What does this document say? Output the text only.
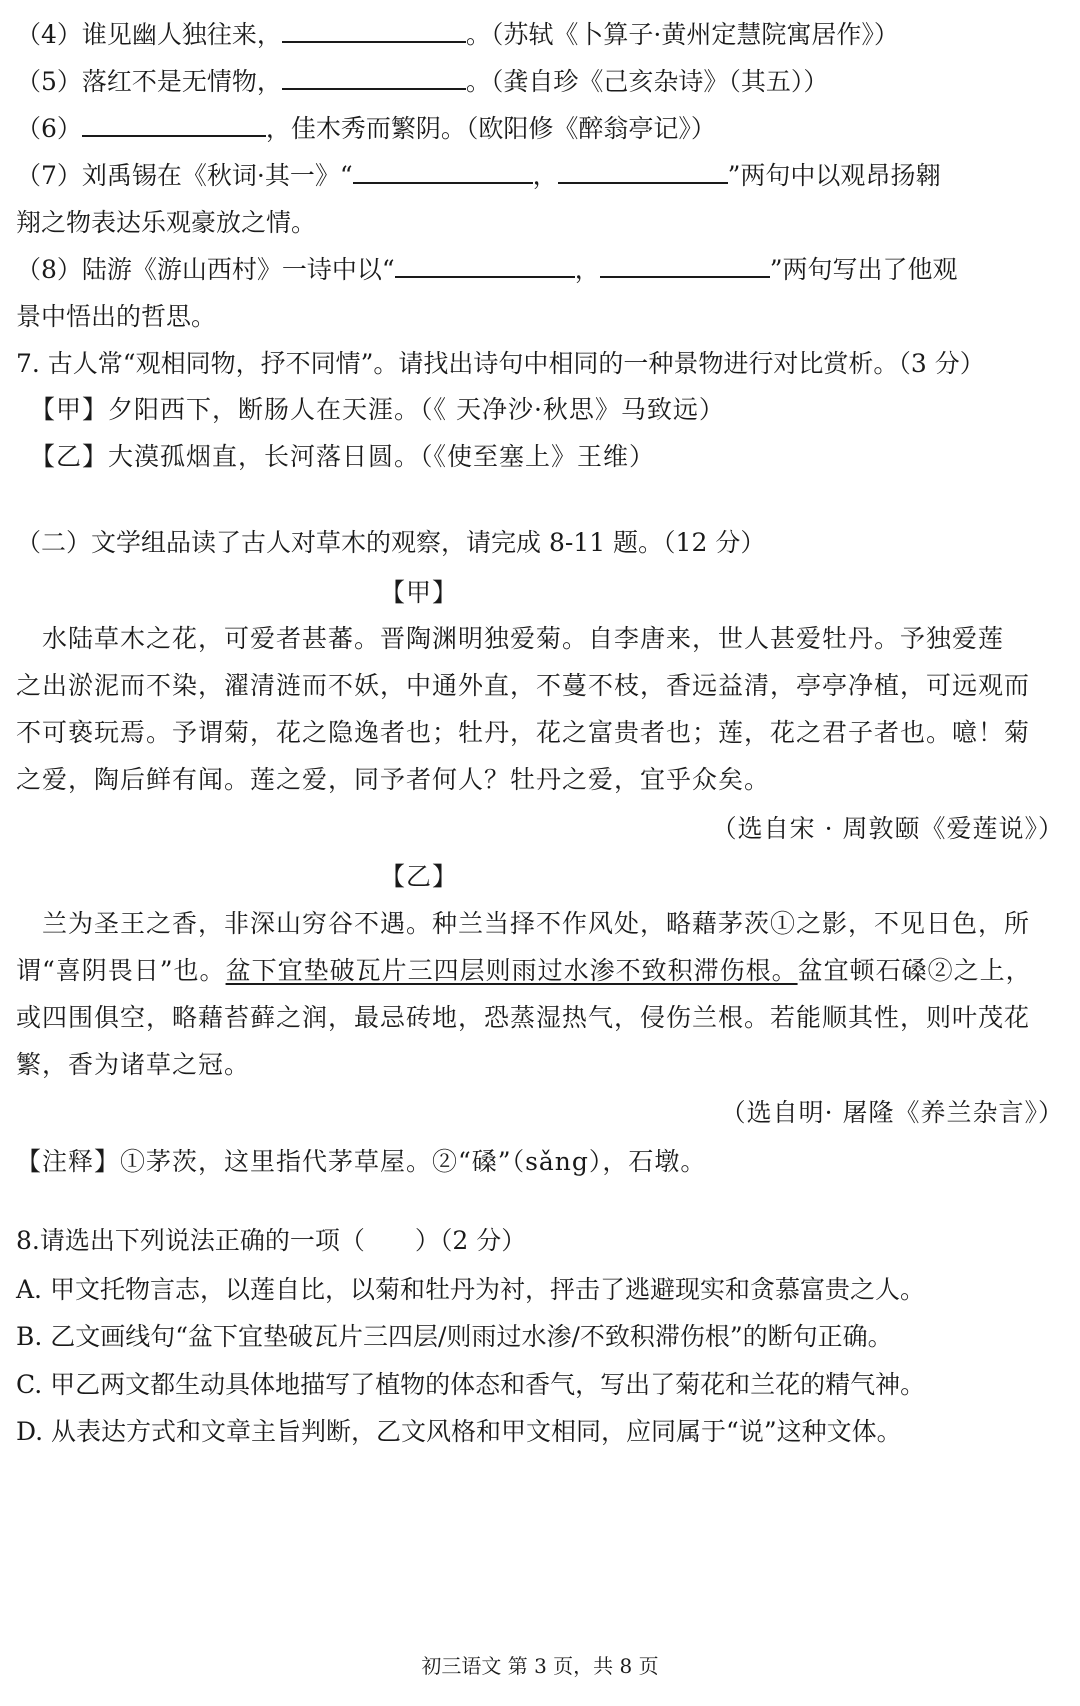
（4）谁见幽人独往来，	。（苏轼《卜算子·黄州定慧院寓居作》）
（5）落红不是无情物，	。（龚自珍《己亥杂诗》（其五））
（6）	，佳木秀而繁阴。（欧阳修《醉翁亭记》）
（7）刘禹锡在《秋词·其一》“	，	”两句中以观昂扬翱
翔之物表达乐观豪放之情。
（8）陆游《游山西村》一诗中以“	，	”两句写出了他观
景中悟出的哲思。
7. 古人常“观相同物，抒不同情”。请找出诗句中相同的一种景物进行对比赏析。（3 分）
【甲】夕阳西下，断肠人在天涯。（《 天净沙·秋思》马致远）
【乙】大漠孤烟直，长河落日圆。（《使至塞上》王维）
（二）文学组品读了古人对草木的观察，请完成 8-11 题。（12 分）
【甲】
　水陆草木之花，可爱者甚蕃。晋陶渊明独爱菊。自李唐来，世人甚爱牡丹。予独爱莲
之出淤泥而不染，濯清涟而不妖，中通外直，不蔓不枝，香远益清，亭亭净植，可远观而
不可亵玩焉。予谓菊，花之隐逸者也；牡丹，花之富贵者也；莲，花之君子者也。噫！菊
之爱，陶后鲜有闻。莲之爱，同予者何人？牡丹之爱，宜乎众矣。
（选自宋 · 周敦颐《爱莲说》）
【乙】
　兰为圣王之香，非深山穷谷不遇。种兰当择不作风处，略藉茅茨①之影，不见日色，所
谓“喜阴畏日”也。盆下宜垫破瓦片三四层则雨过水渗不致积滞伤根。盆宜顿石磉②之上，
或四围俱空，略藉苔藓之润，最忌砖地，恐蒸湿热气，侵伤兰根。若能顺其性，则叶茂花
繁，香为诸草之冠。
（选自明· 屠隆《养兰杂言》）
【注释】①茅茨，这里指代茅草屋。②“磉”（sǎng），石墩。
8.请选出下列说法正确的一项（　　）（2 分）
A. 甲文托物言志，以莲自比，以菊和牡丹为衬，抨击了逃避现实和贪慕富贵之人。
B. 乙文画线句“盆下宜垫破瓦片三四层/则雨过水渗/不致积滞伤根”的断句正确。
C. 甲乙两文都生动具体地描写了植物的体态和香气，写出了菊花和兰花的精气神。
D. 从表达方式和文章主旨判断，乙文风格和甲文相同，应同属于“说”这种文体。
初三语文 第 3 页，共 8 页
